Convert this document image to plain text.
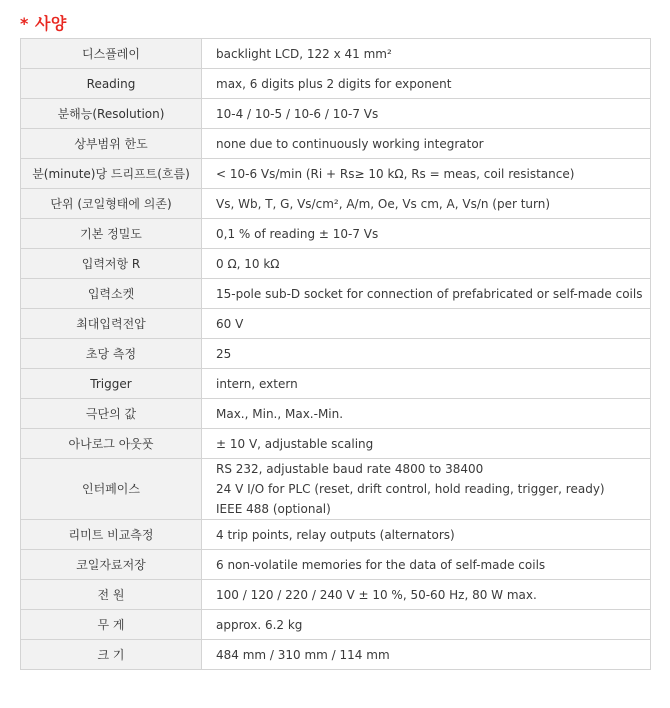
* 사양
디스플레이	backlight LCD, 122 x 41 mm²
Reading	max, 6 digits plus 2 digits for exponent
분해능(Resolution)	10-4 / 10-5 / 10-6 / 10-7 Vs
상부범위 한도	none due to continuously working integrator
분(minute)당 드리프트(흐름)	< 10-6 Vs/min (Ri + Rs≥ 10 kΩ, Rs = meas, coil resistance)
단위 (코일형태에 의존)	Vs, Wb, T, G, Vs/cm², A/m, Oe, Vs cm, A, Vs/n (per turn)
기본 정밀도	0,1 % of reading ± 10-7 Vs
입력저항 R	0 Ω, 10 kΩ
입력소켓	15-pole sub-D socket for connection of prefabricated or self-made coils
최대입력전압	60 V
초당 측정	25
Trigger	intern, extern
극단의 값	Max., Min., Max.-Min.
아나로그 아웃풋	± 10 V, adjustable scaling
인터페이스	RS 232, adjustable baud rate 4800 to 38400
24 V I/O for PLC (reset, drift control, hold reading, trigger, ready)
IEEE 488 (optional)

리미트 비교측정	4 trip points, relay outputs (alternators)
코일자료저장	6 non-volatile memories for the data of self-made coils
전 원	100 / 120 / 220 / 240 V ± 10 %, 50-60 Hz, 80 W max.
무 게	approx. 6.2 kg
크 기	484 mm / 310 mm / 114 mm
